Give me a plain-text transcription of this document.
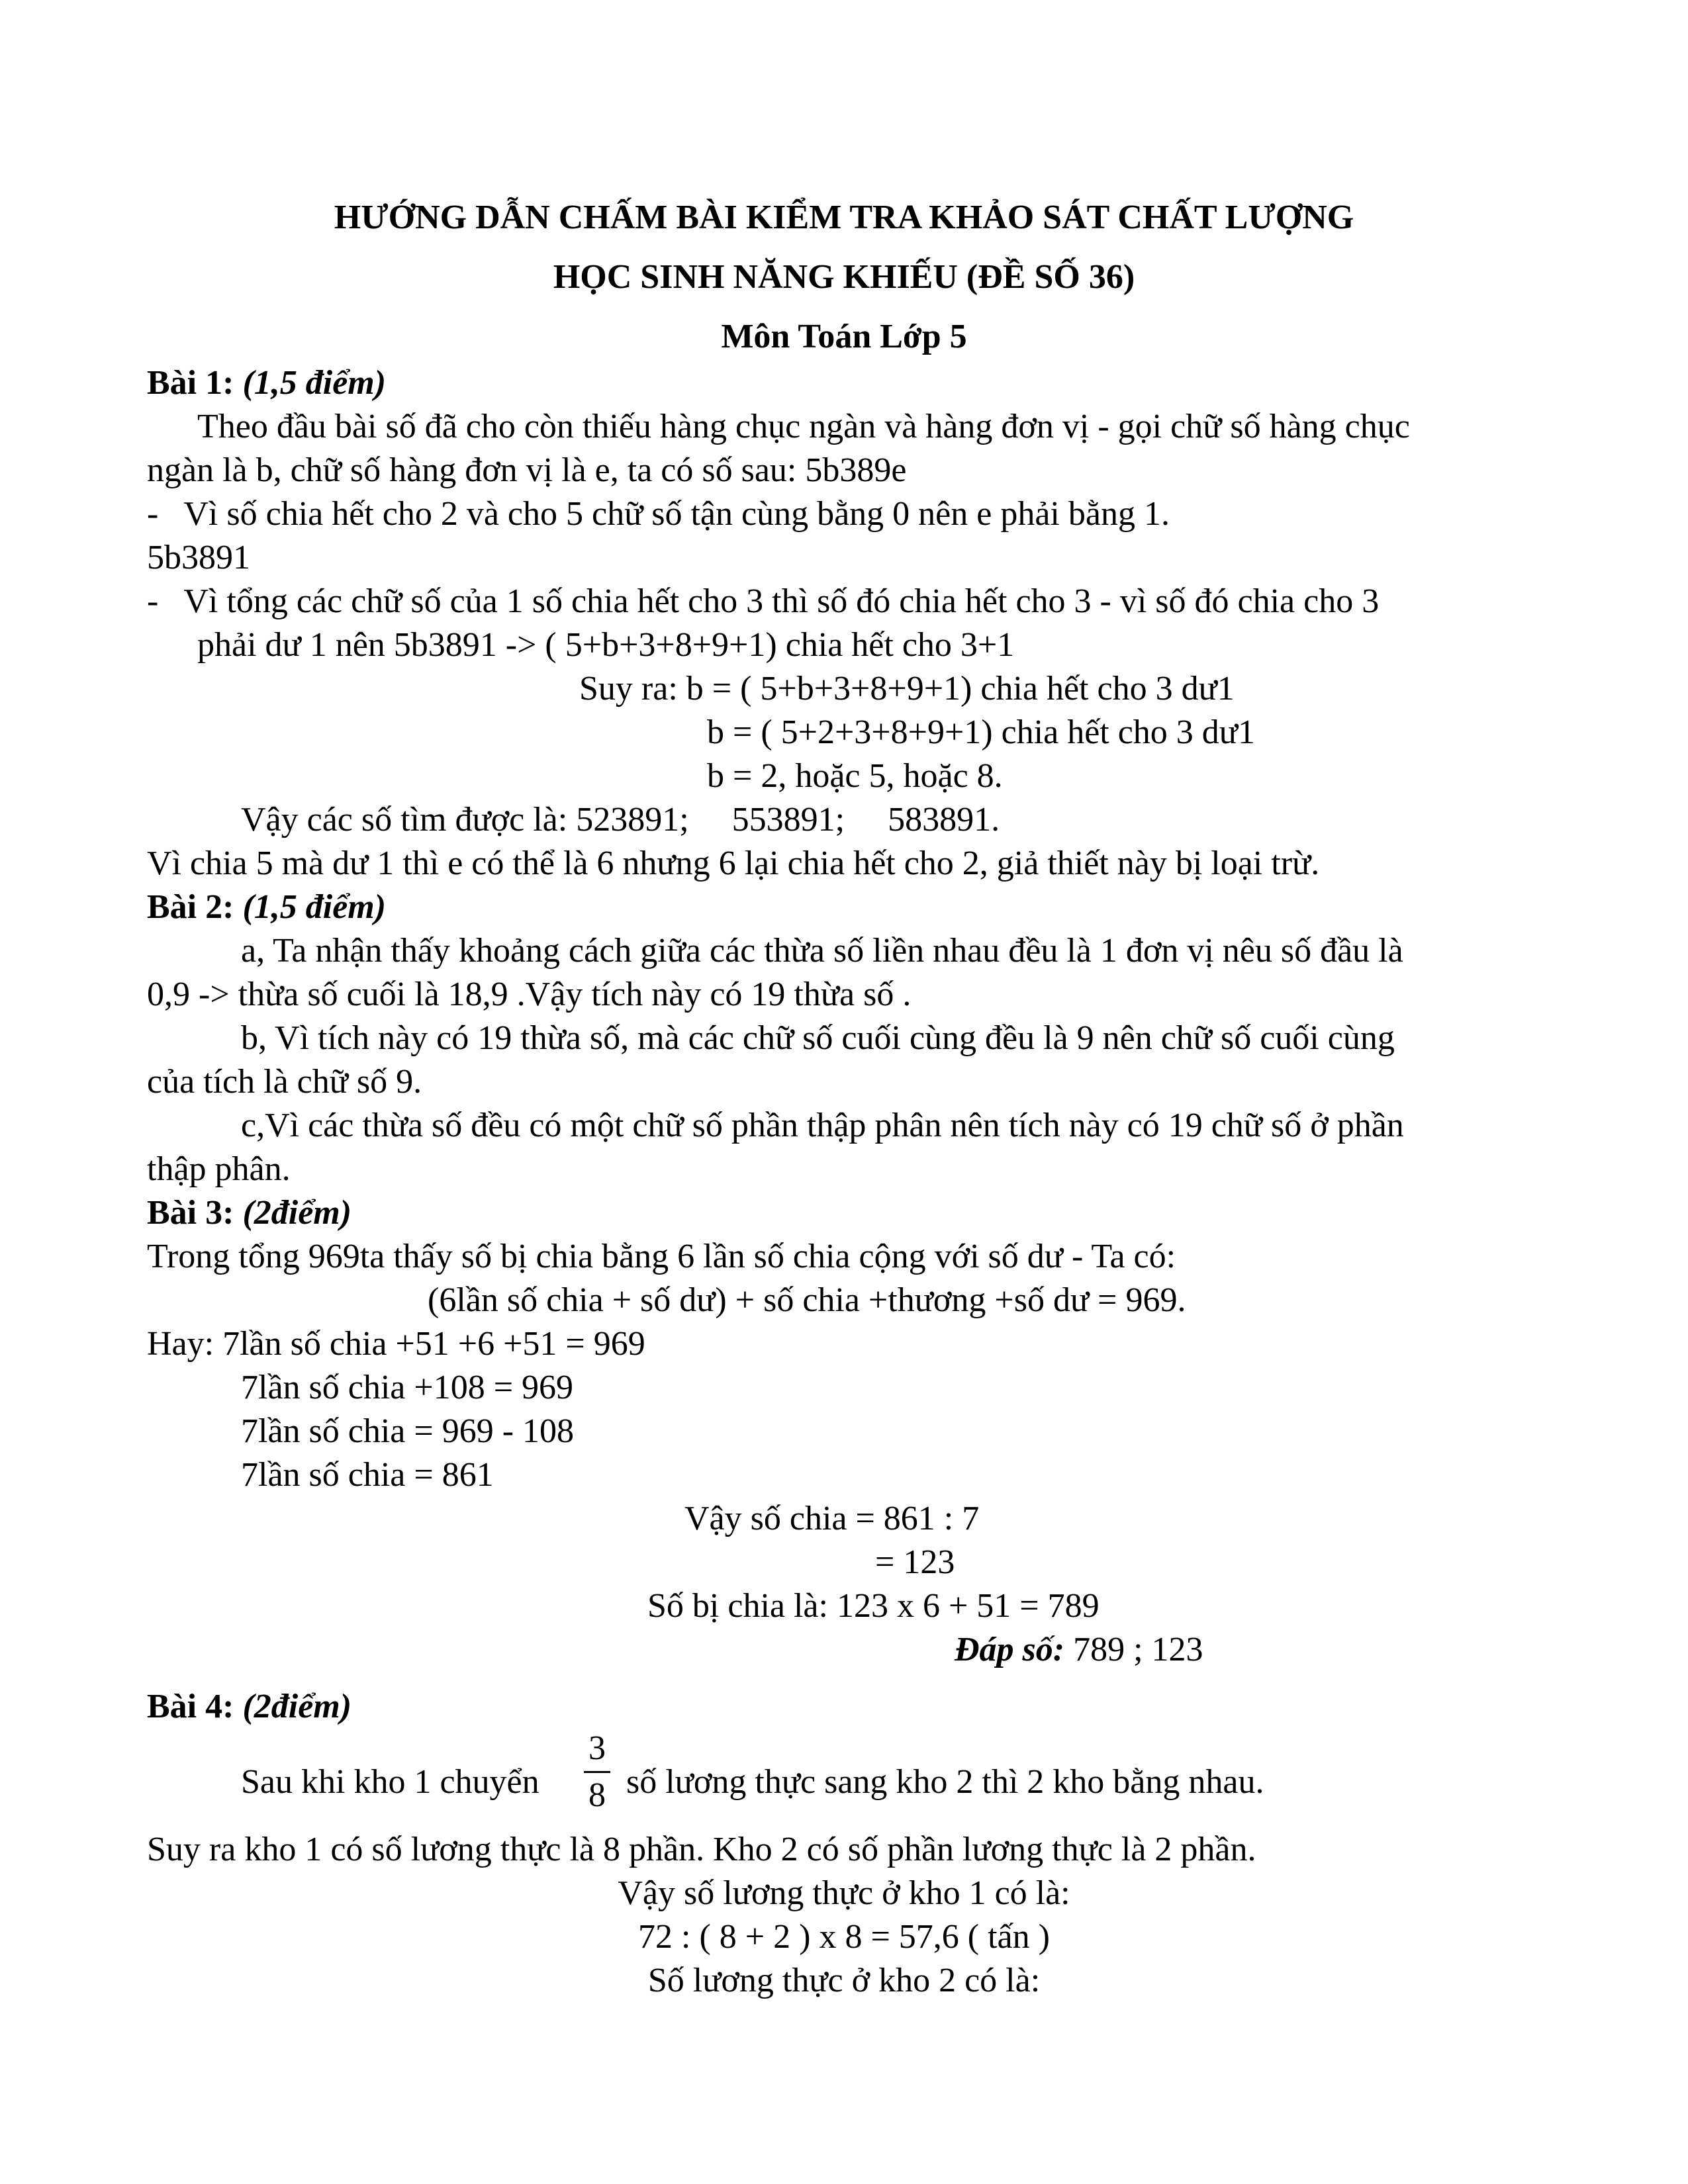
HƯỚNG DẪN CHẤM BÀI KIỂM TRA KHẢO SÁT CHẤT LƯỢNG
HỌC SINH NĂNG KHIẾU (ĐỀ SỐ 36)
Môn Toán Lớp 5
Bài 1: (1,5 điểm)
Theo đầu bài số đã cho còn thiếu hàng chục ngàn và hàng đơn vị - gọi chữ số hàng chục
ngàn là b, chữ số hàng đơn vị là e, ta có số sau: 5b389e
-   Vì số chia hết cho 2 và cho 5 chữ số tận cùng bằng 0 nên e phải bằng 1.
5b3891
-   Vì tổng các chữ số của 1 số chia hết cho 3 thì số đó chia hết cho 3 - vì số đó chia cho 3
phải dư 1 nên 5b3891 -> ( 5+b+3+8+9+1) chia hết cho 3+1
Suy ra: b = ( 5+b+3+8+9+1) chia hết cho 3 dư1
b = ( 5+2+3+8+9+1) chia hết cho 3 dư1
b = 2, hoặc 5, hoặc 8.
Vậy các số tìm được là: 523891;     553891;     583891.
Vì chia 5 mà dư 1 thì e có thể là 6 nhưng 6 lại chia hết cho 2, giả thiết này bị loại trừ.
Bài 2: (1,5 điểm)
a, Ta nhận thấy khoảng cách giữa các thừa số liền nhau đều là 1 đơn vị nêu số đầu là
0,9 -> thừa số cuối là 18,9 .Vậy tích này có 19 thừa số .
b, Vì tích này có 19 thừa số, mà các chữ số cuối cùng đều là 9 nên chữ số cuối cùng
của tích là chữ số 9.
c,Vì các thừa số đều có một chữ số phần thập phân nên tích này có 19 chữ số ở phần
thập phân.
Bài 3: (2điểm)
Trong tổng 969ta thấy số bị chia bằng 6 lần số chia cộng với số dư - Ta có:
(6lần số chia + số dư) + số chia +thương +số dư = 969.
Hay: 7lần số chia +51 +6 +51 = 969
7lần số chia +108 = 969
7lần số chia = 969 - 108
7lần số chia = 861
Vậy số chia = 861 : 7
= 123
Số bị chia là: 123 x 6 + 51 = 789
Đáp số: 789 ; 123
Bài 4: (2điểm)
Sau khi kho 1 chuyển
3
8 số lương thực sang kho 2 thì 2 kho bằng nhau.
Suy ra kho 1 có số lương thực là 8 phần. Kho 2 có số phần lương thực là 2 phần.
Vậy số lương thực ở kho 1 có là:
72 : ( 8 + 2 ) x 8 = 57,6 ( tấn )
Số lương thực ở kho 2 có là:
